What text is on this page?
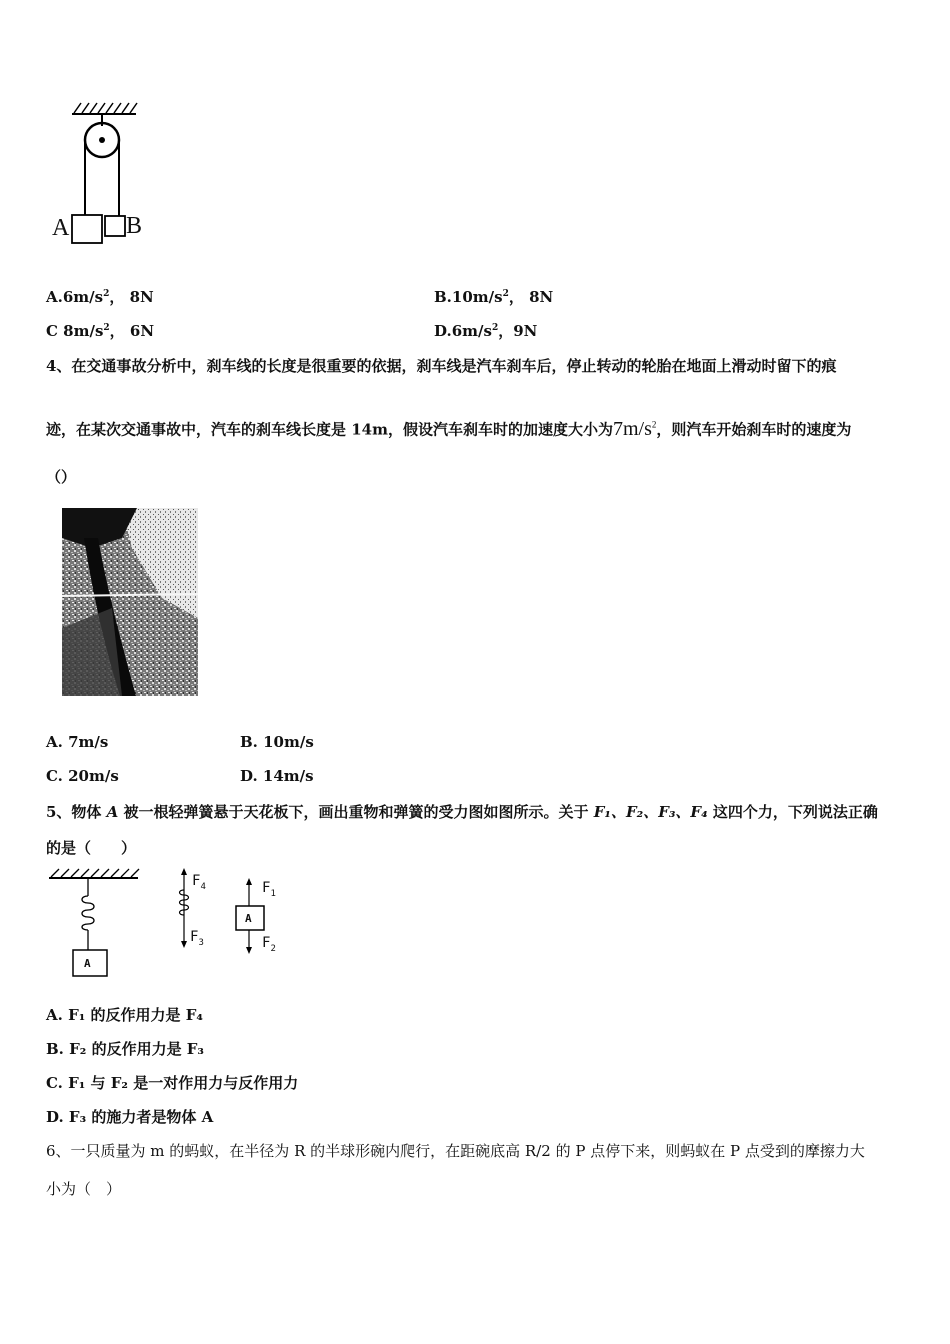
A B
$A.6m/s^2$， 8N	$B.10m/s^2$， 8N
C $8m/s^2$， 6N	$D.6m/s^2$，9N
4、在交通事故分析中，刹车线的长度是很重要的依据，刹车线是汽车刹车后，停止转动的轮胎在地面上滑动时留下的痕
迹，在某次交通事故中，汽车的刹车线长度是 14m，假设汽车刹车时的加速度大小为$7m/s^2$，则汽车开始刹车时的速度为
（）
A. 7m/s	B. 10m/s
C. 20m/s	D. 14m/s
5、物体 A 被一根轻弹簧悬于天花板下，画出重物和弹簧的受力图如图所示。关于 F₁、F₂、F₃、F₄ 这四个力，下列说法正确
的是（　　）
A
$F_4$
$F_3$
A
$F_1$
$F_2$
A. F₁ 的反作用力是 F₄
B. F₂ 的反作用力是 F₃
C. F₁ 与 F₂ 是一对作用力与反作用力
D. F₃ 的施力者是物体 A
6、一只质量为 m 的蚂蚁，在半径为 R 的半球形碗内爬行，在距碗底高 R/2 的 P 点停下来，则蚂蚁在 P 点受到的摩擦力大
小为（　）
